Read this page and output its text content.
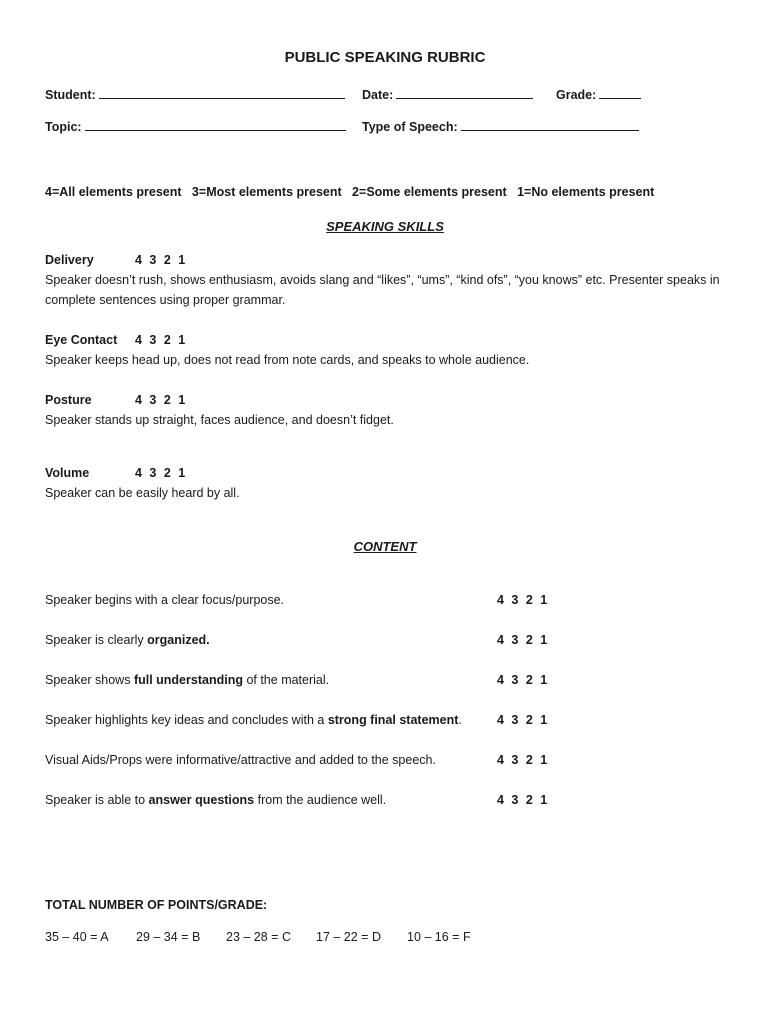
PUBLIC SPEAKING RUBRIC
Student:	Date:	Grade:
Topic:	Type of Speech:
4=All elements present   3=Most elements present   2=Some elements present   1=No elements present
SPEAKING SKILLS
Delivery	4 3 2 1
Speaker doesn’t rush, shows enthusiasm, avoids slang and “likes”, “ums”, “kind ofs”, “you knows” etc. Presenter speaks in complete sentences using proper grammar.
Eye Contact 4 3 2 1
Speaker keeps head up, does not read from note cards, and speaks to whole audience.
Posture	4 3 2 1
Speaker stands up straight, faces audience, and doesn’t fidget.
Volume	4 3 2 1
Speaker can be easily heard by all.
CONTENT
Speaker begins with a clear focus/purpose.	4 3 2 1
Speaker is clearly organized.	4 3 2 1
Speaker shows full understanding of the material.	4 3 2 1
Speaker highlights key ideas and concludes with a strong final statement.	4 3 2 1
Visual Aids/Props were informative/attractive and added to the speech.	4 3 2 1
Speaker is able to answer questions from the audience well.	4 3 2 1
TOTAL NUMBER OF POINTS/GRADE:
35 – 40 = A 29 – 34 = B 23 – 28 = C 17 – 22 = D 10 – 16 = F
